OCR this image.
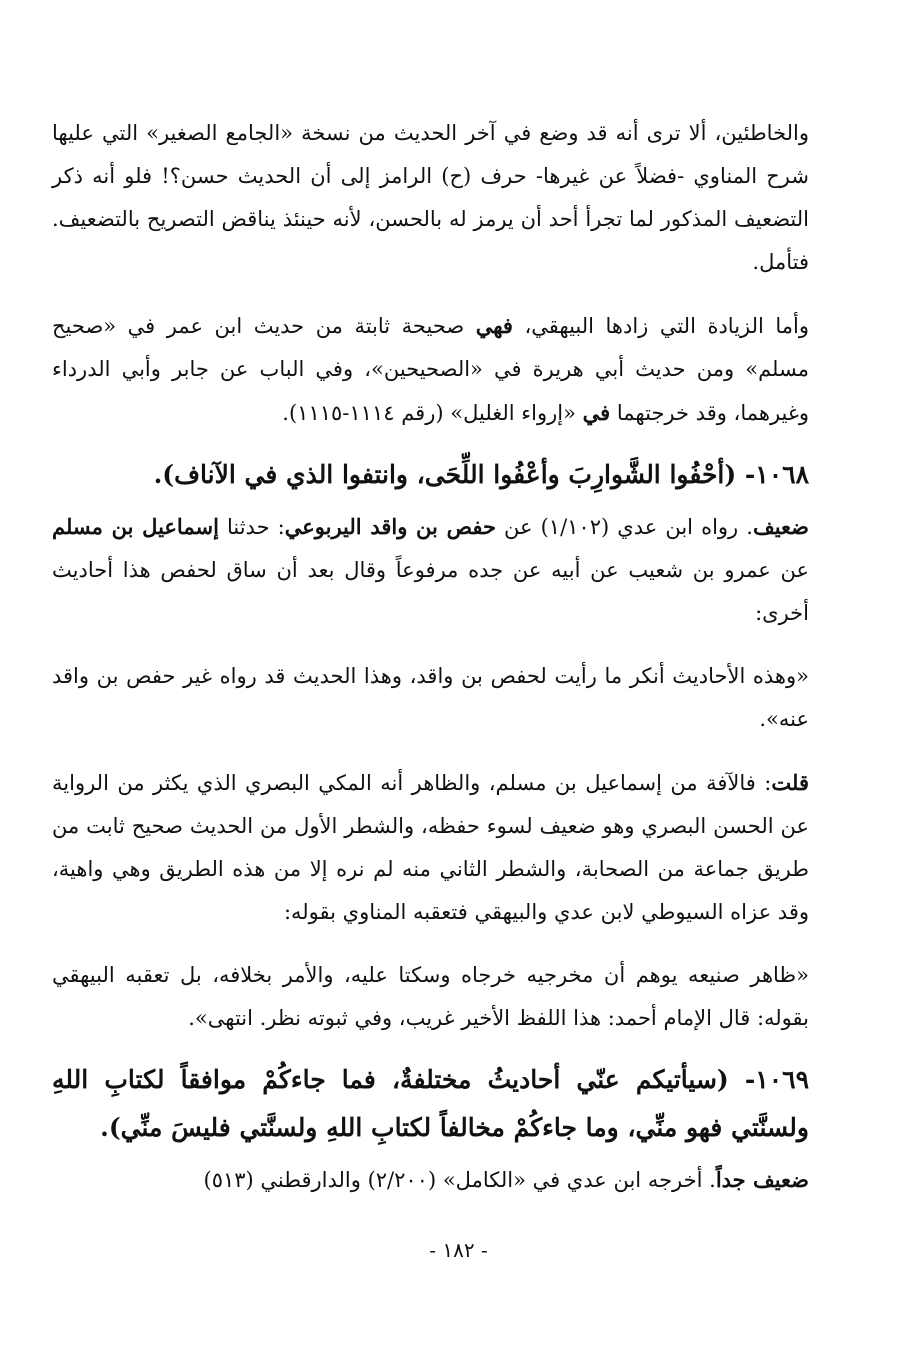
والخاطئين، ألا ترى أنه قد وضع في آخر الحديث من نسخة «الجامع الصغير» التي عليها شرح المناوي -فضلاً عن غيرها- حرف (ح) الرامز إلى أن الحديث حسن؟! فلو أنه ذكر التضعيف المذكور لما تجرأ أحد أن يرمز له بالحسن، لأنه حينئذ يناقض التصريح بالتضعيف. فتأمل.

وأما الزيادة التي زادها البيهقي، فهي صحيحة ثابتة من حديث ابن عمر في «صحيح مسلم» ومن حديث أبي هريرة في «الصحيحين»، وفي الباب عن جابر وأبي الدرداء وغيرهما، وقد خرجتهما في «إرواء الغليل» (رقم ١١١٤-١١١٥).

١٠٦٨- (أحْفُوا الشَّوارِبَ وأعْفُوا اللِّحَى، وانتفوا الذي في الآناف).

ضعيف. رواه ابن عدي (١/١٠٢) عن حفص بن واقد اليربوعي: حدثنا إسماعيل بن مسلم عن عمرو بن شعيب عن أبيه عن جده مرفوعاً وقال بعد أن ساق لحفص هذا أحاديث أخرى:

«وهذه الأحاديث أنكر ما رأيت لحفص بن واقد، وهذا الحديث قد رواه غير حفص بن واقد عنه».

قلت: فالآفة من إسماعيل بن مسلم، والظاهر أنه المكي البصري الذي يكثر من الرواية عن الحسن البصري وهو ضعيف لسوء حفظه، والشطر الأول من الحديث صحيح ثابت من طريق جماعة من الصحابة، والشطر الثاني منه لم نره إلا من هذه الطريق وهي واهية، وقد عزاه السيوطي لابن عدي والبيهقي فتعقبه المناوي بقوله:

«ظاهر صنيعه يوهم أن مخرجيه خرجاه وسكتا عليه، والأمر بخلافه، بل تعقبه البيهقي بقوله: قال الإمام أحمد: هذا اللفظ الأخير غريب، وفي ثبوته نظر. انتهى».

١٠٦٩- (سيأتيكم عنّي أحاديثُ مختلفةٌ، فما جاءكُمْ موافقاً لكتابِ اللهِ ولسنَّتي فهو منِّي، وما جاءكُمْ مخالفاً لكتابِ اللهِ ولسنَّتي فليسَ منِّي).

ضعيف جداً. أخرجه ابن عدي في «الكامل» (٢/٢٠٠) والدارقطني (٥١٣)

- ١٨٢ -
